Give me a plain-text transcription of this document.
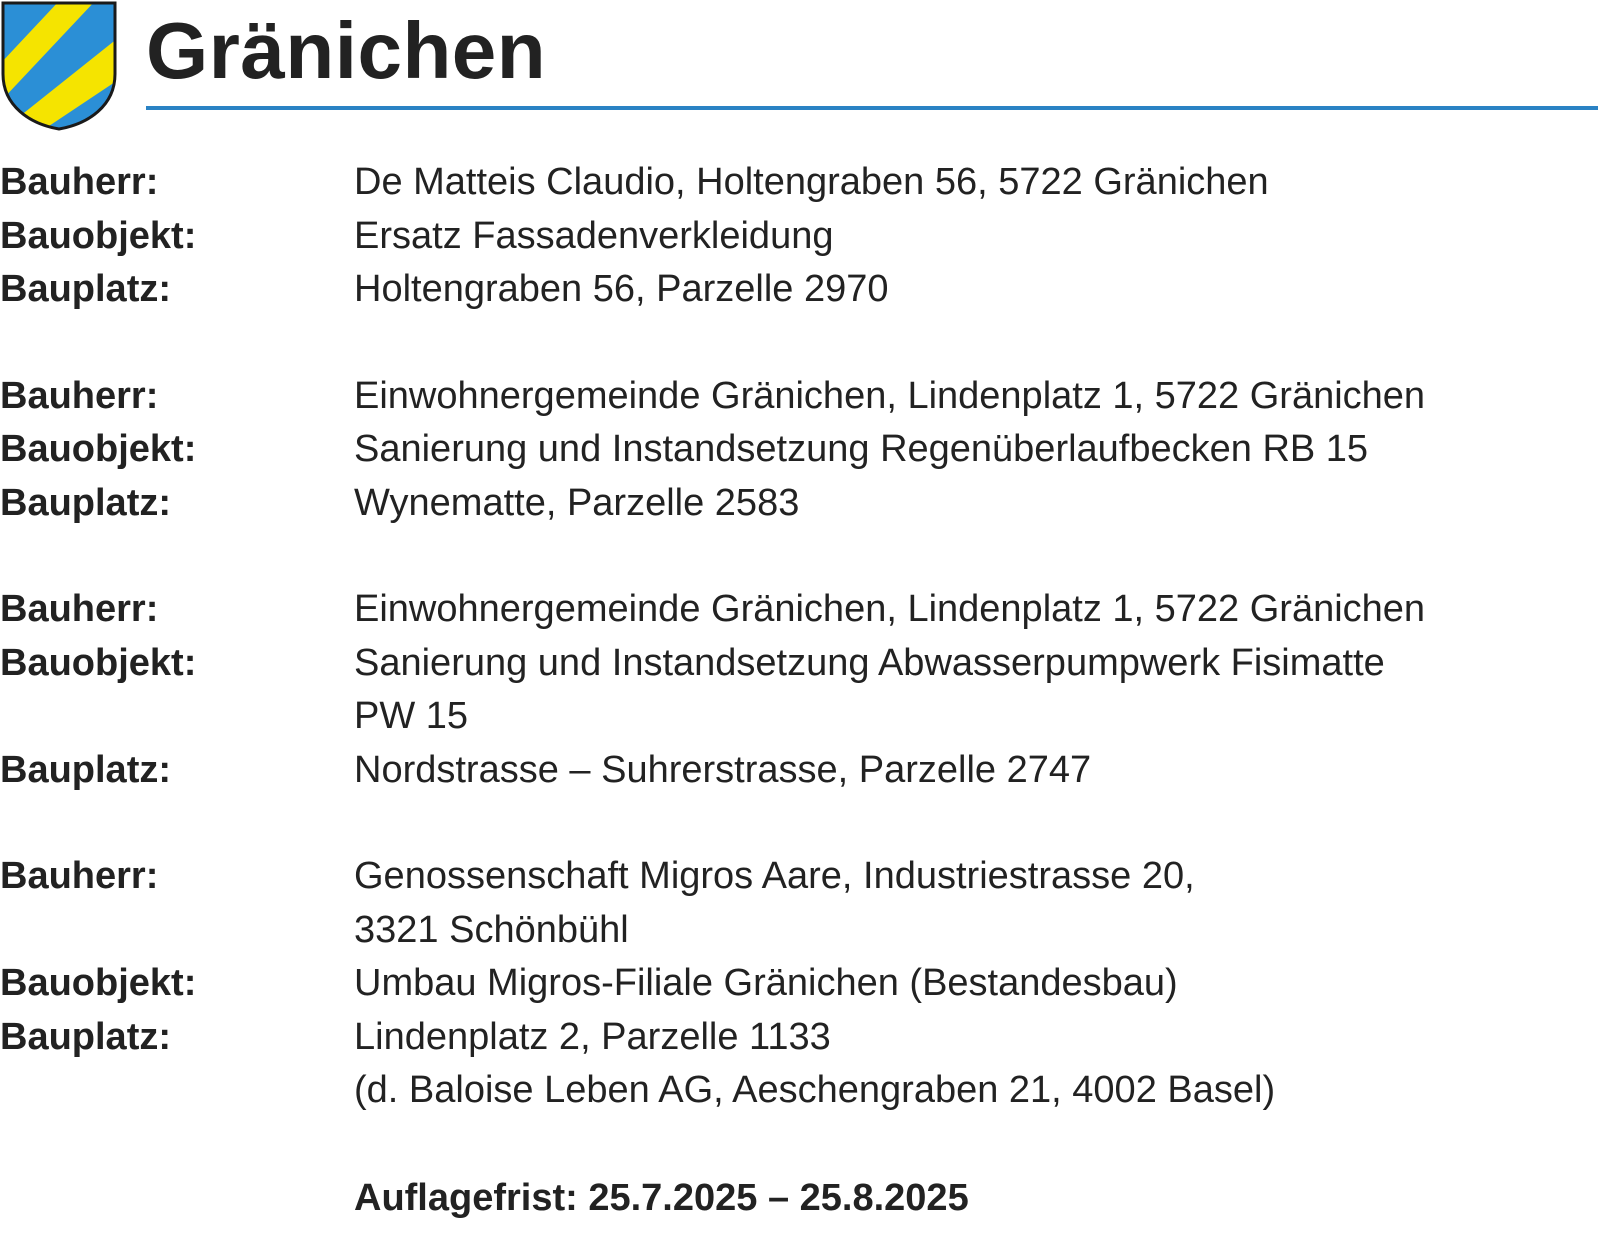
Gränichen
Bauherr:	De Matteis Claudio, Holtengraben 56, 5722 Gränichen
Bauobjekt:	Ersatz Fassadenverkleidung
Bauplatz:	Holtengraben 56, Parzelle 2970
Bauherr:	Einwohnergemeinde Gränichen, Lindenplatz 1, 5722 Gränichen
Bauobjekt:	Sanierung und Instandsetzung Regenüberlaufbecken RB 15
Bauplatz:	Wynematte, Parzelle 2583
Bauherr:	Einwohnergemeinde Gränichen, Lindenplatz 1, 5722 Gränichen
Bauobjekt:	Sanierung und Instandsetzung Abwasserpumpwerk Fisimatte
PW 15
Bauplatz:	Nordstrasse – Suhrerstrasse, Parzelle 2747
Bauherr:	Genossenschaft Migros Aare, Industriestrasse 20,
3321 Schönbühl
Bauobjekt:	Umbau Migros-Filiale Gränichen (Bestandesbau)
Bauplatz:	Lindenplatz 2, Parzelle 1133
(d. Baloise Leben AG, Aeschengraben 21, 4002 Basel)
Auflagefrist: 25.7.2025 – 25.8.2025
